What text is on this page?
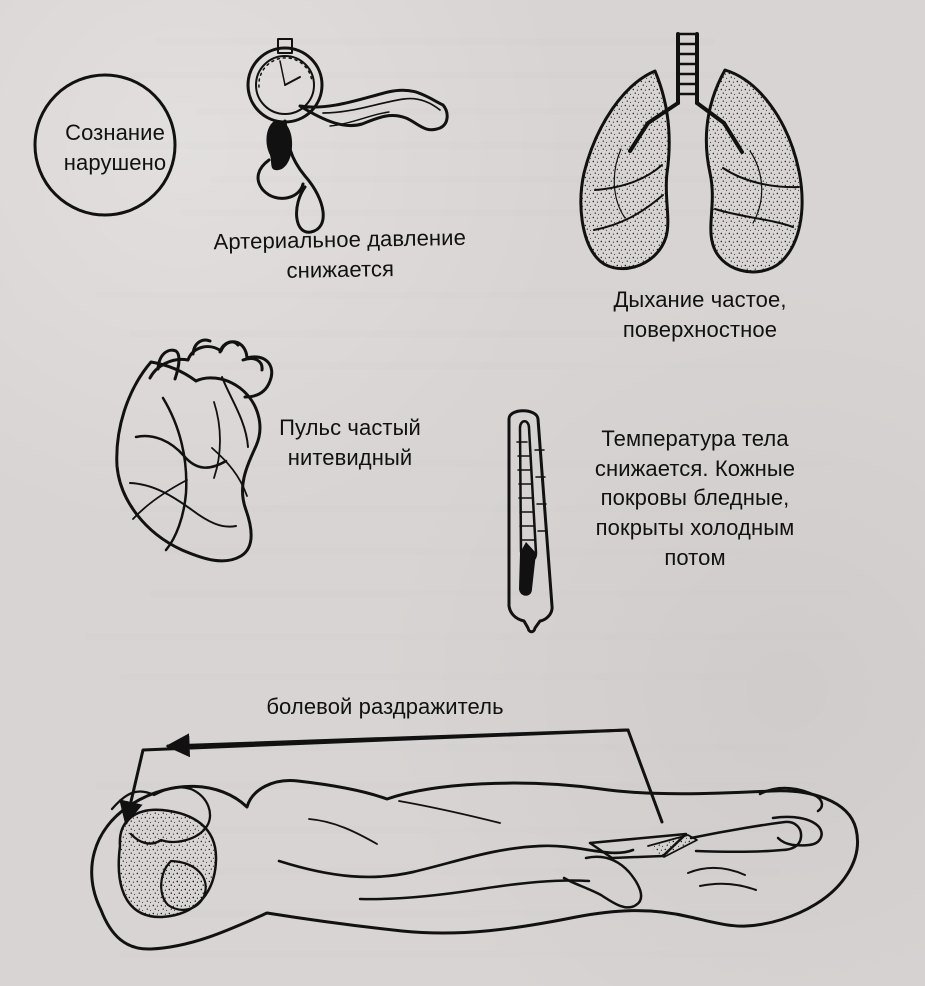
Сознание нарушено
Артериальное давление снижается
Дыхание частое, поверхностное
Пульс частый нитевидный
Температура тела снижается. Кожные покровы бледные, покрыты холодным потом
болевой раздражитель
